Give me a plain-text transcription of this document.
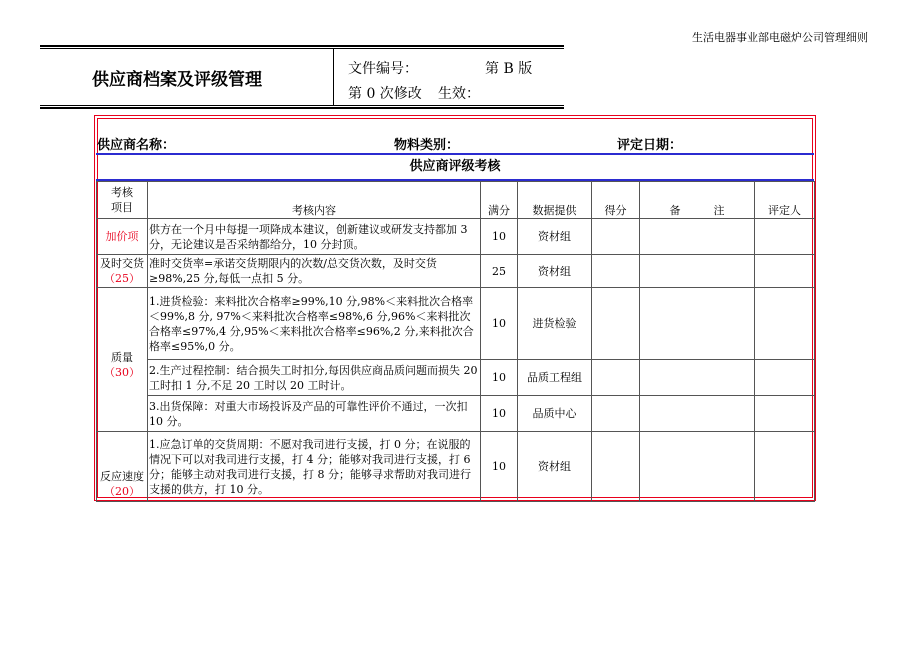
生活电器事业部电磁炉公司管理细则
供应商档案及评级管理
文件编号：	第 B 版
第 0 次修改 生效：
供应商名称：	物料类别：	评定日期：
供应商评级考核
考核
项目	考核内容	满分	数据提供	得分	备　　　注	评定人
加价项	供方在一个月中每提一项降成本建议，创新建议或研发支持都加 3 分，无论建议是否采纳都给分，10 分封顶。	10	资材组			
及时交货（25）	准时交货率=承诺交货期限内的次数/总交货次数，及时交货≥98%,25 分,每低一点扣 5 分。	25	资材组			
质量（30）	1.进货检验：来料批次合格率≥99%,10 分,98%＜来料批次合格率＜99%,8 分, 97%＜来料批次合格率≤98%,6 分,96%＜来料批次合格率≤97%,4 分,95%＜来料批次合格率≤96%,2 分,来料批次合格率≤95%,0 分。	10	进货检验			
	2.生产过程控制：结合损失工时扣分,每因供应商品质问题而损失 20 工时扣 1 分,不足 20 工时以 20 工时计。	10	品质工程组			
	3.出货保障：对重大市场投诉及产品的可靠性评价不通过，一次扣 10 分。	10	品质中心			
反应速度（20）	1.应急订单的交货周期：不愿对我司进行支援，打 0 分；在说服的情况下可以对我司进行支援，打 4 分；能够对我司进行支援，打 6 分；能够主动对我司进行支援，打 8 分；能够寻求帮助对我司进行支援的供方，打 10 分。	10	资材组			
